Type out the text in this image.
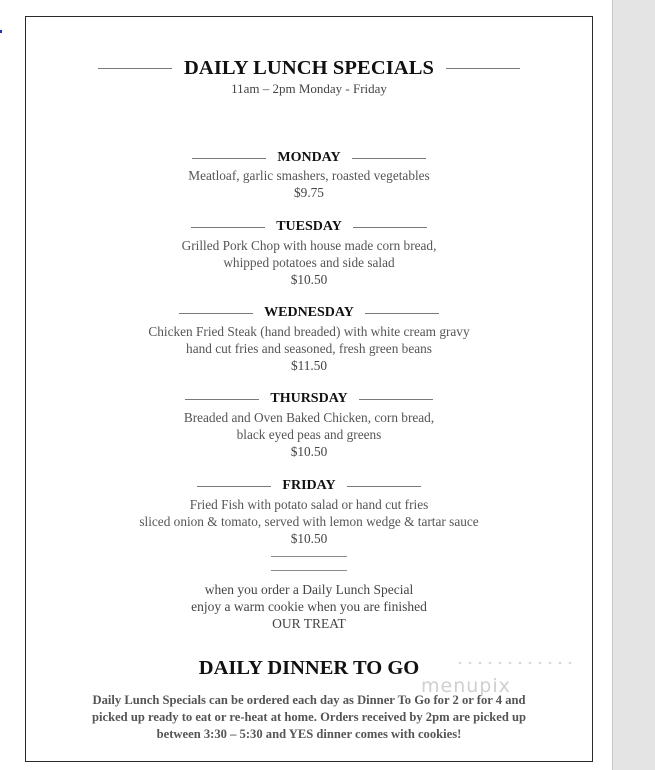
DAILY LUNCH SPECIALS
11am – 2pm Monday - Friday
MONDAY
Meatloaf, garlic smashers, roasted vegetables
$9.75
TUESDAY
Grilled Pork Chop with house made corn bread,
whipped potatoes and side salad
$10.50
WEDNESDAY
Chicken Fried Steak (hand breaded) with white cream gravy
hand cut fries and seasoned, fresh green beans
$11.50
THURSDAY
Breaded and Oven Baked Chicken, corn bread,
black eyed peas and greens
$10.50
FRIDAY
Fried Fish with potato salad or hand cut fries
sliced onion & tomato, served with lemon wedge & tartar sauce
$10.50
when you order a Daily Lunch Special
enjoy a warm cookie when you are finished
OUR TREAT
DAILY DINNER TO GO
Daily Lunch Specials can be ordered each day as Dinner To Go for 2 or for 4 and
picked up ready to eat or re-heat at home. Orders received by 2pm are picked up
between 3:30 – 5:30 and YES dinner comes with cookies!
menupix
